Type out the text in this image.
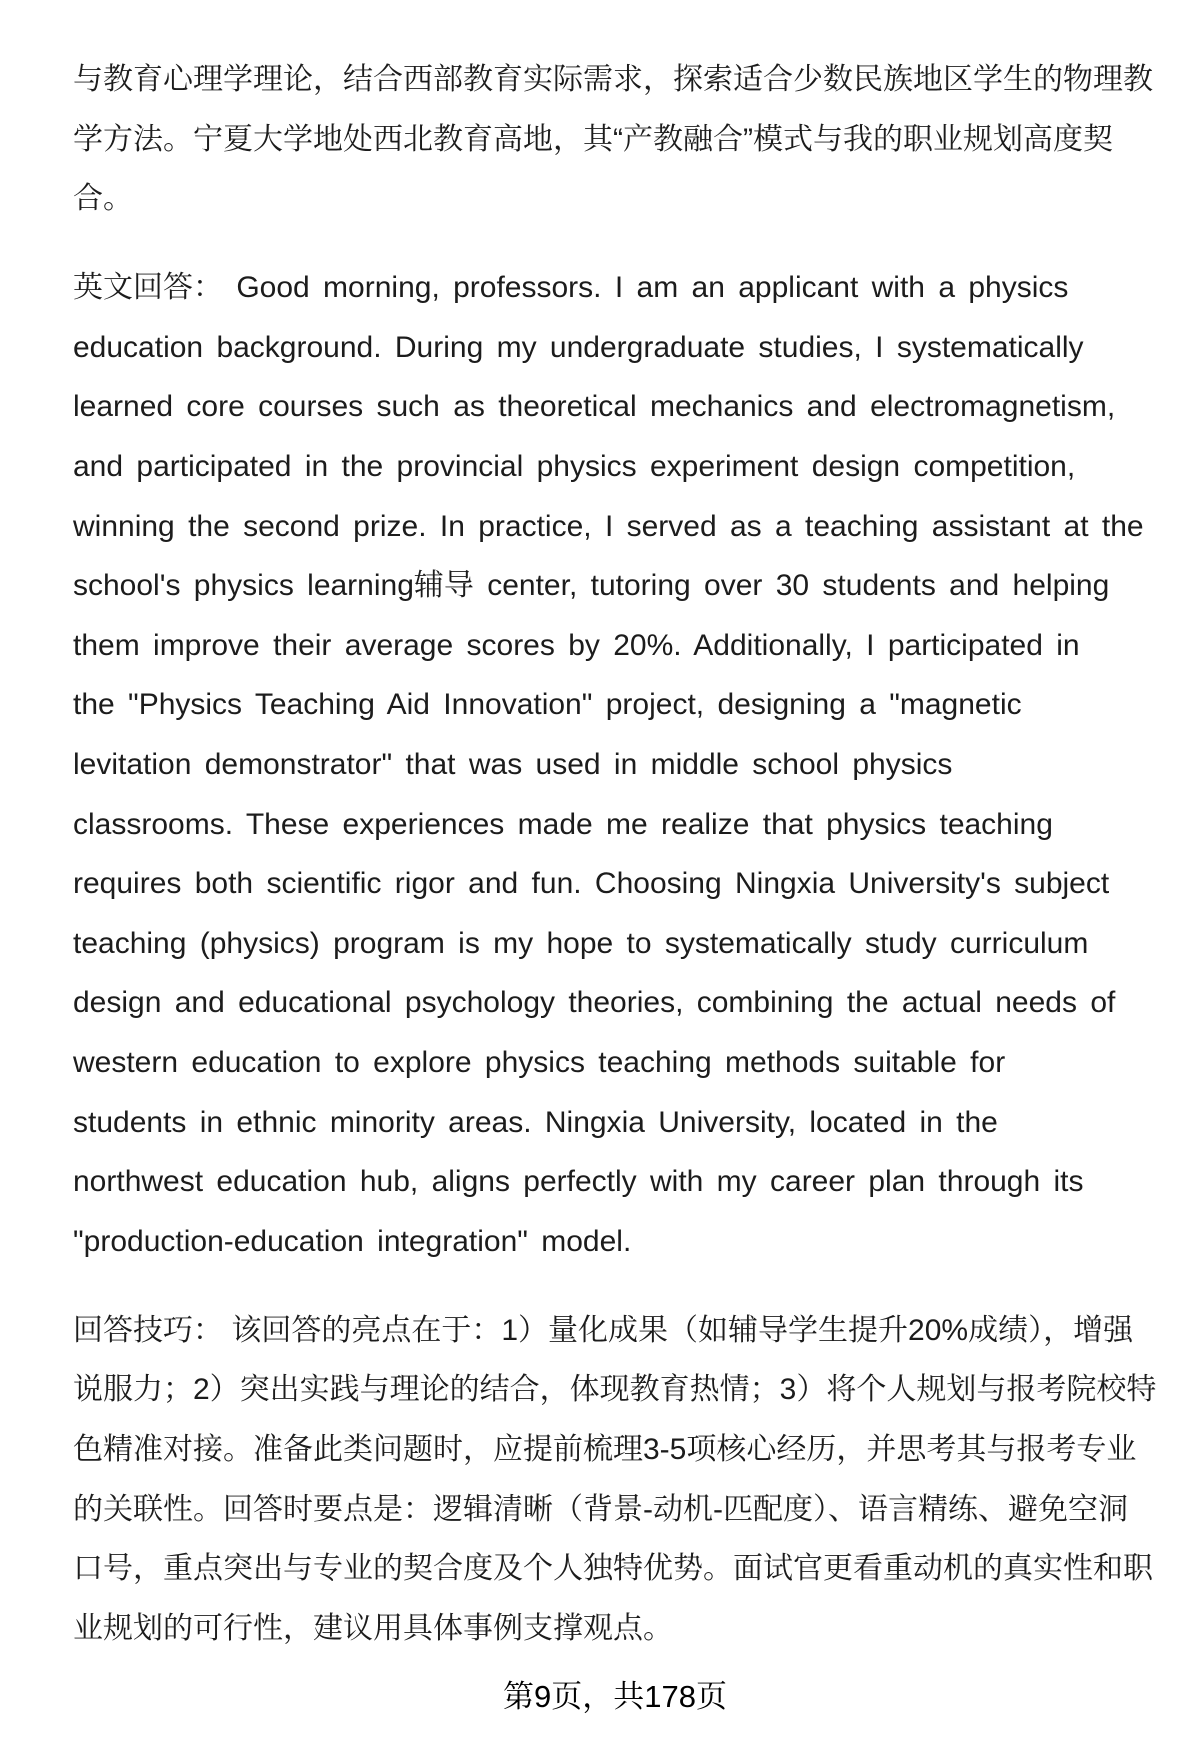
与教育心理学理论，结合西部教育实际需求，探索适合少数民族地区学生的物理教
学方法。宁夏大学地处西北教育高地，其“产教融合”模式与我的职业规划高度契
合。
英文回答： Good morning, professors. I am an applicant with a physics
education background. During my undergraduate studies, I systematically
learned core courses such as theoretical mechanics and electromagnetism,
and participated in the provincial physics experiment design competition,
winning the second prize. In practice, I served as a teaching assistant at the
school's physics learning辅导 center, tutoring over 30 students and helping
them improve their average scores by 20%. Additionally, I participated in
the "Physics Teaching Aid Innovation" project, designing a "magnetic
levitation demonstrator" that was used in middle school physics
classrooms. These experiences made me realize that physics teaching
requires both scientific rigor and fun. Choosing Ningxia University's subject
teaching (physics) program is my hope to systematically study curriculum
design and educational psychology theories, combining the actual needs of
western education to explore physics teaching methods suitable for
students in ethnic minority areas. Ningxia University, located in the
northwest education hub, aligns perfectly with my career plan through its
"production-education integration" model.
回答技巧： 该回答的亮点在于：1）量化成果（如辅导学生提升20%成绩），增强
说服力；2）突出实践与理论的结合，体现教育热情；3）将个人规划与报考院校特
色精准对接。准备此类问题时，应提前梳理3-5项核心经历，并思考其与报考专业
的关联性。回答时要点是：逻辑清晰（背景-动机-匹配度）、语言精练、避免空洞
口号，重点突出与专业的契合度及个人独特优势。面试官更看重动机的真实性和职
业规划的可行性，建议用具体事例支撑观点。
第9页，共178页
